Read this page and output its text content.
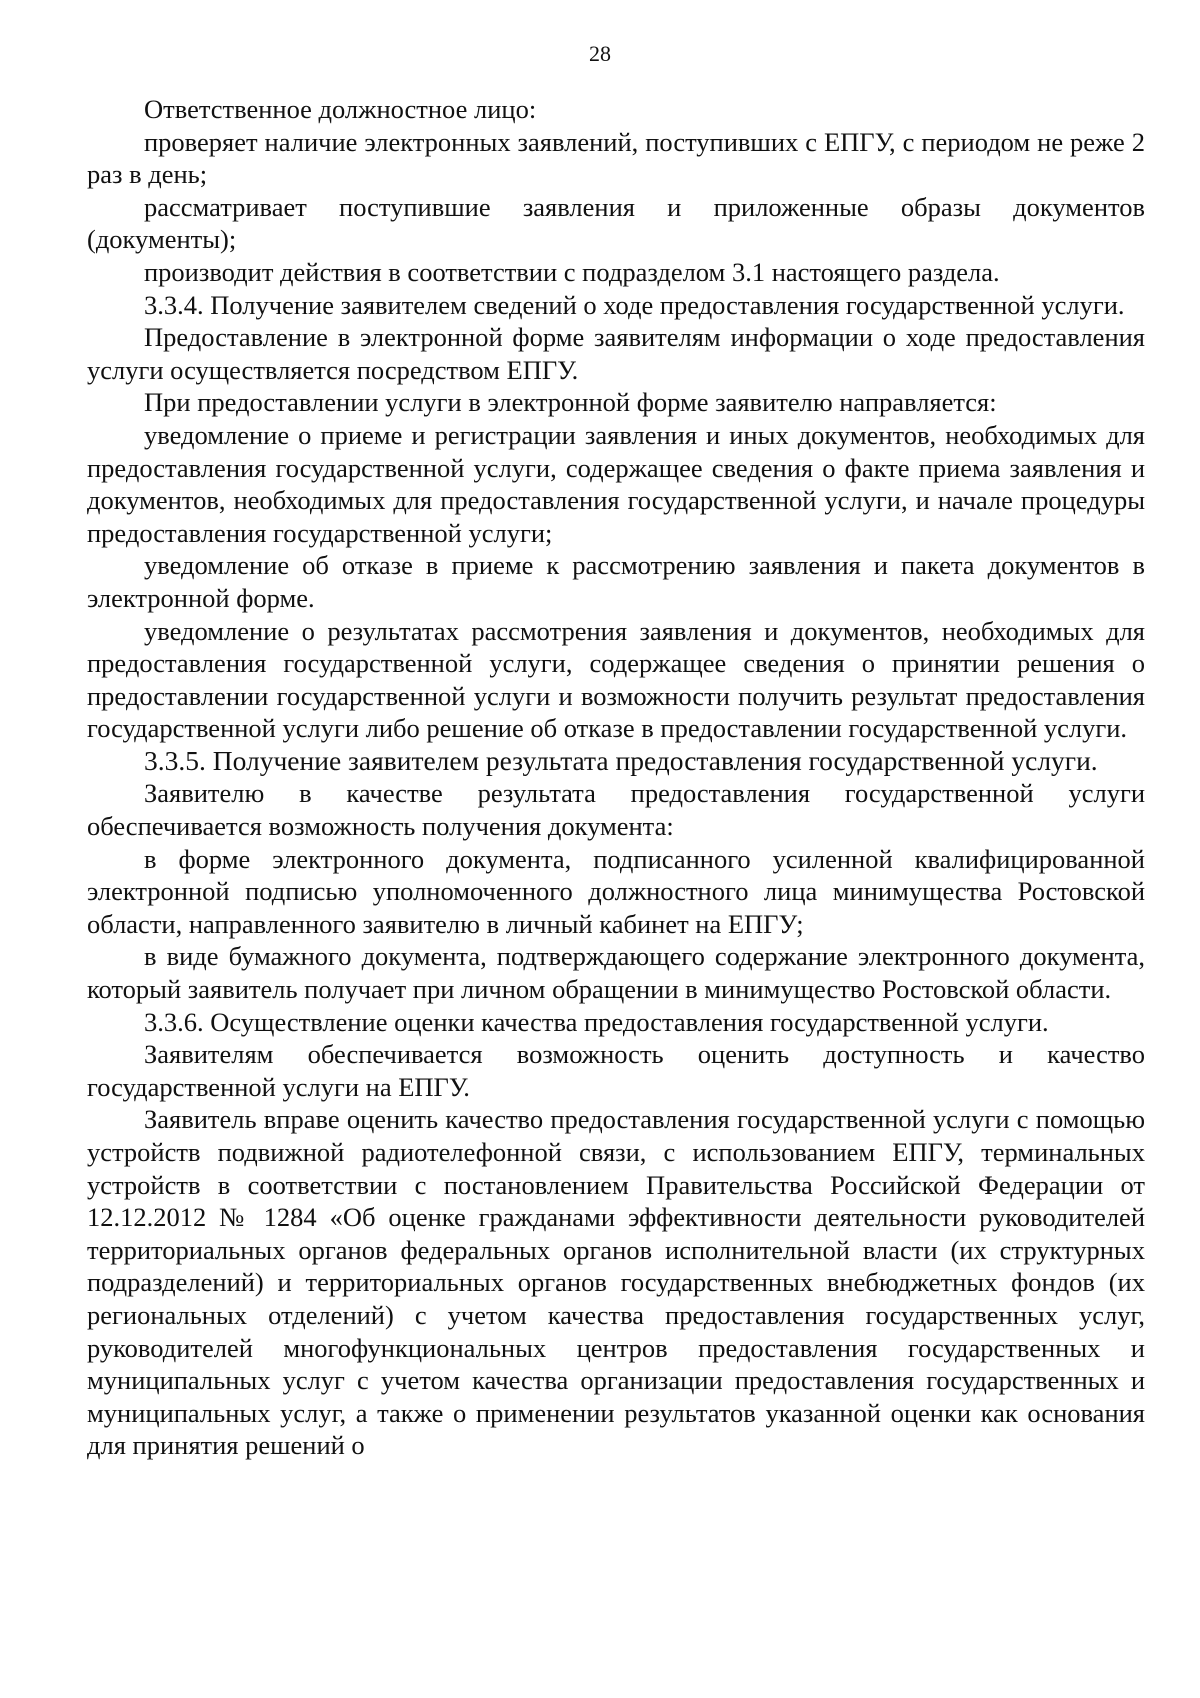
28

Ответственное должностное лицо:

проверяет наличие электронных заявлений, поступивших с ЕПГУ, с периодом не реже 2 раз в день;

рассматривает поступившие заявления и приложенные образы документов (документы);

производит действия в соответствии с подразделом 3.1 настоящего раздела.

3.3.4. Получение заявителем сведений о ходе предоставления государственной услуги.

Предоставление в электронной форме заявителям информации о ходе предоставления услуги осуществляется посредством ЕПГУ.

При предоставлении услуги в электронной форме заявителю направляется:

уведомление о приеме и регистрации заявления и иных документов, необходимых для предоставления государственной услуги, содержащее сведения о факте приема заявления и документов, необходимых для предоставления государственной услуги, и начале процедуры предоставления государственной услуги;

уведомление об отказе в приеме к рассмотрению заявления и пакета документов в электронной форме.

уведомление о результатах рассмотрения заявления и документов, необходимых для предоставления государственной услуги, содержащее сведения о принятии решения о предоставлении государственной услуги и возможности получить результат предоставления государственной услуги либо решение об отказе в предоставлении государственной услуги.

3.3.5. Получение заявителем результата предоставления государственной услуги.

Заявителю в качестве результата предоставления государственной услуги обеспечивается возможность получения документа:

в форме электронного документа, подписанного усиленной квалифицированной электронной подписью уполномоченного должностного лица минимущества Ростовской области, направленного заявителю в личный кабинет на ЕПГУ;

в виде бумажного документа, подтверждающего содержание электронного документа, который заявитель получает при личном обращении в минимущество Ростовской области.

3.3.6. Осуществление оценки качества предоставления государственной услуги.

Заявителям обеспечивается возможность оценить доступность и качество государственной услуги на ЕПГУ.

Заявитель вправе оценить качество предоставления государственной услуги с помощью устройств подвижной радиотелефонной связи, с использованием ЕПГУ, терминальных устройств в соответствии с постановлением Правительства Российской Федерации от 12.12.2012 № 1284 «Об оценке гражданами эффективности деятельности руководителей территориальных органов федеральных органов исполнительной власти (их структурных подразделений) и территориальных органов государственных внебюджетных фондов (их региональных отделений) с учетом качества предоставления государственных услуг, руководителей многофункциональных центров предоставления государственных и муниципальных услуг с учетом качества организации предоставления государственных и муниципальных услуг, а также о применении результатов указанной оценки как основания для принятия решений о
